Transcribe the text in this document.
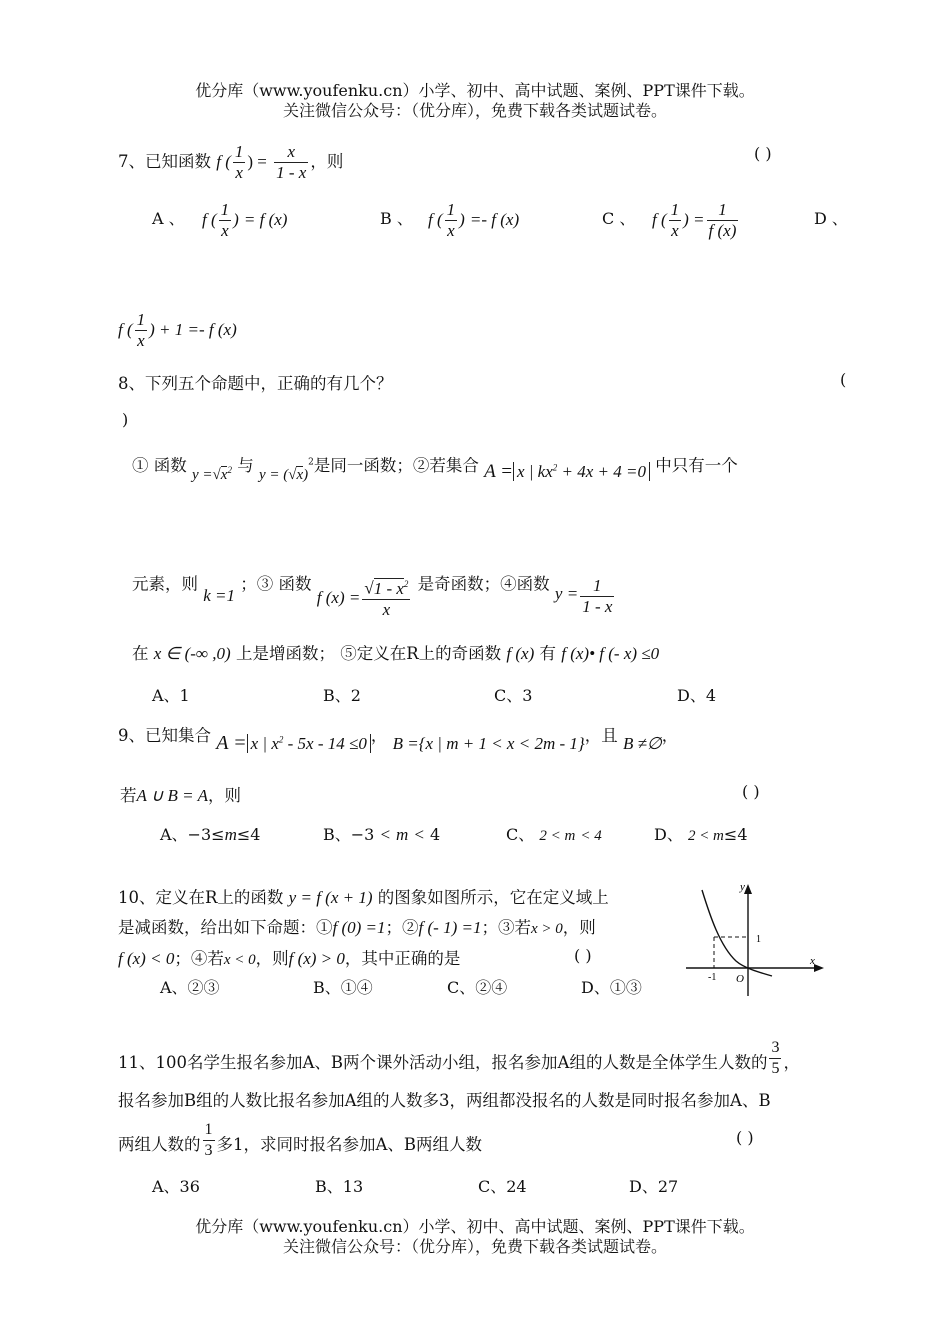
优分库（www.youfenku.cn）小学、初中、高中试题、案例、PPT课件下载。
关注微信公众号：（优分库），免费下载各类试题试卷。
7、已知函数 f ( $\frac{1}{x}$ ) = $\frac{x}{1 - x}$ ，则	( )
A 、 f ( $\frac{1}{x}$ ) = f (x)	B 、 f ( $\frac{1}{x}$ ) =- f (x)	C 、 f ( $\frac{1}{x}$ ) = $\frac{1}{f (x)}$	D 、
f ( $\frac{1}{x}$ ) + 1 =- f (x)
8、下列五个命题中，正确的有几个？	(
)
① 函数 $y =√x^2$ 与 $y = (√x)^2$是同一函数；②若集合 A = x | $kx^2 + 4x + 4 =0$ 中只有一个
元素，则 k =1 ；③ 函数 f $(x) = \frac{√1 - x^2}{x}$ 是奇函数；④函数 $y = \frac{1}{1 - x}$
在 x ∈ (-∞ ,0) 上是增函数； ⑤定义在R上的奇函数 f (x) 有 f (x)• f (- x) ≤0
A、1	B、2	C、3	D、4
9、已知集合 A = x | $x^2 - 5x - 14 \le 0$ ， B ={x | m + 1 < x < 2m - 1}，且 B ≠∅，
若A ∪ B = A，则	( )
A、−3≤m≤4	B、−3 < m < 4	C、 2 < m < 4	D、 2 < m≤4
10、定义在R上的函数 y = f (x + 1) 的图象如图所示，它在定义域上
是减函数，给出如下命题：①f (0) =1；②f (- 1) =1；③若x > 0，则
f (x) < 0；④若x < 0，则f (x) > 0，其中正确的是	( )
A、②③	B、①④	C、②④	D、①③
y
x
O
-1
1
11、100名学生报名参加A、B两个课外活动小组，报名参加A组的人数是全体学生人数的 $\frac{3}{5}$ ，
报名参加B组的人数比报名参加A组的人数多3，两组都没报名的人数是同时报名参加A、B
两组人数的 $\frac{1}{3}$ 多1，求同时报名参加A、B两组人数	( )
A、36	B、13	C、24	D、27
优分库（www.youfenku.cn）小学、初中、高中试题、案例、PPT课件下载。
关注微信公众号：（优分库），免费下载各类试题试卷。
